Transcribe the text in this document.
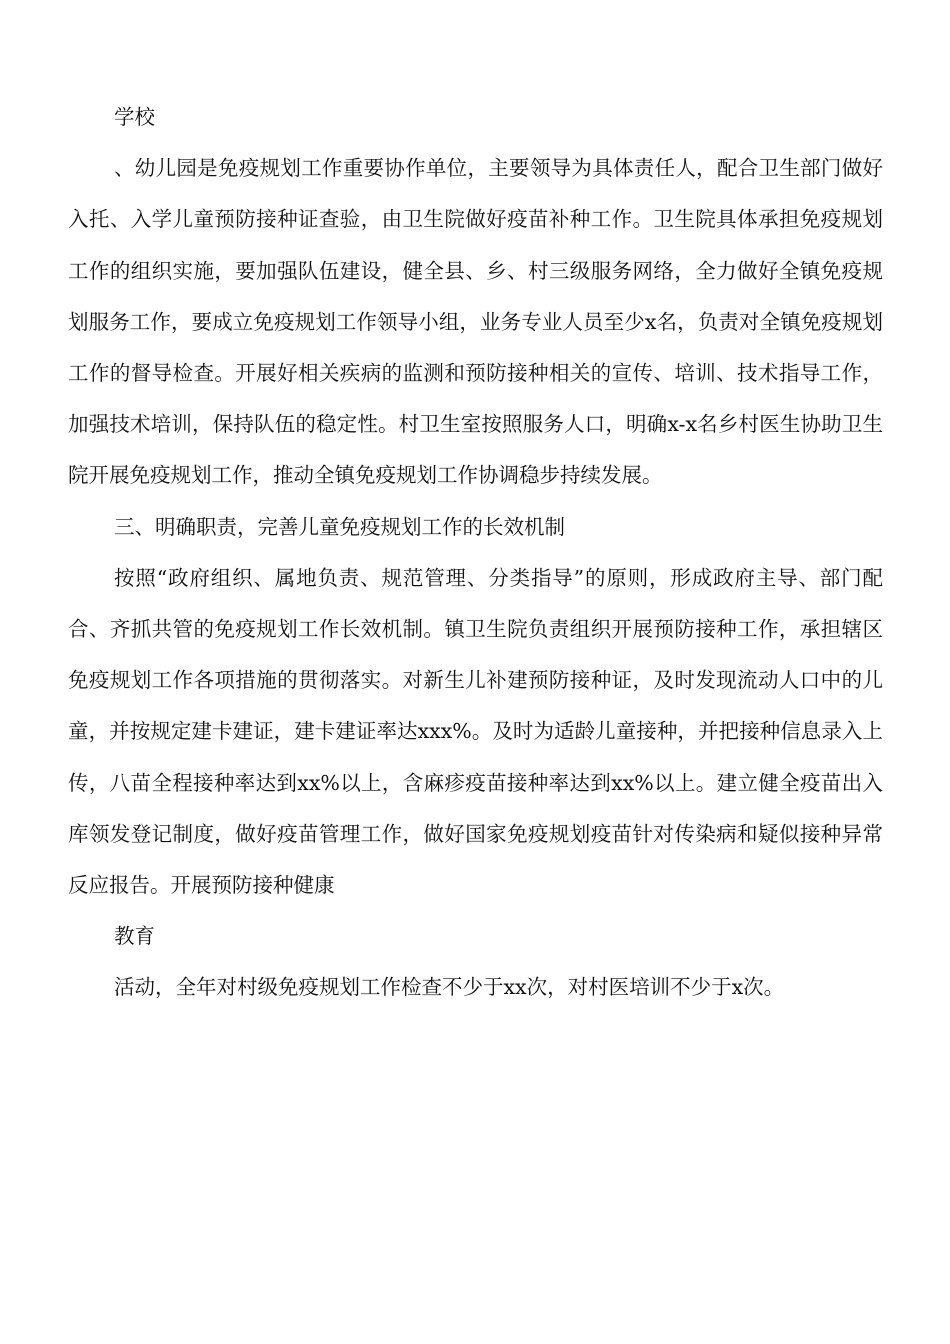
学校

、幼儿园是免疫规划工作重要协作单位，主要领导为具体责任人，配合卫生部门做好入托、入学儿童预防接种证查验，由卫生院做好疫苗补种工作。卫生院具体承担免疫规划工作的组织实施，要加强队伍建设，健全县、乡、村三级服务网络，全力做好全镇免疫规划服务工作，要成立免疫规划工作领导小组，业务专业人员至少x名，负责对全镇免疫规划工作的督导检查。开展好相关疾病的监测和预防接种相关的宣传、培训、技术指导工作，加强技术培训，保持队伍的稳定性。村卫生室按照服务人口，明确x-x名乡村医生协助卫生院开展免疫规划工作，推动全镇免疫规划工作协调稳步持续发展。

三、明确职责，完善儿童免疫规划工作的长效机制

按照“政府组织、属地负责、规范管理、分类指导”的原则，形成政府主导、部门配合、齐抓共管的免疫规划工作长效机制。镇卫生院负责组织开展预防接种工作，承担辖区免疫规划工作各项措施的贯彻落实。对新生儿补建预防接种证，及时发现流动人口中的儿童，并按规定建卡建证，建卡建证率达xxx%。及时为适龄儿童接种，并把接种信息录入上传，八苗全程接种率达到xx%以上，含麻疹疫苗接种率达到xx%以上。建立健全疫苗出入库领发登记制度，做好疫苗管理工作，做好国家免疫规划疫苗针对传染病和疑似接种异常反应报告。开展预防接种健康

教育

活动，全年对村级免疫规划工作检查不少于xx次，对村医培训不少于x次。
